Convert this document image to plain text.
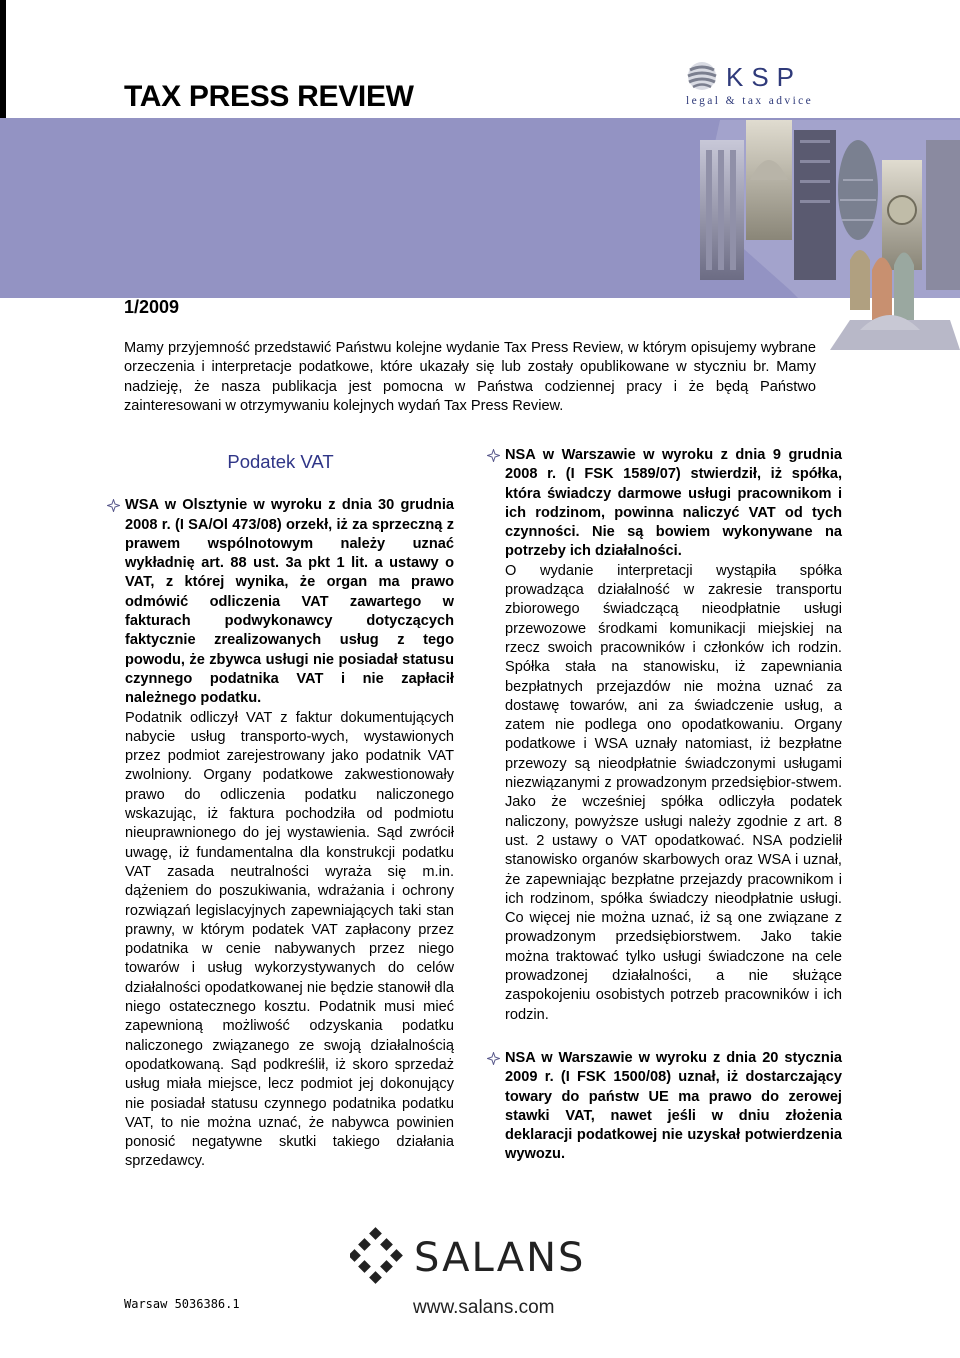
TAX PRESS REVIEW
KSP
legal & tax advice

1/2009

Mamy przyjemność przedstawić Państwu kolejne wydanie Tax Press Review, w którym opisujemy wybrane orzeczenia i interpretacje podatkowe, które ukazały się lub zostały opublikowane w styczniu br. Mamy nadzieję, że nasza publikacja jest pomocna w Państwa codziennej pracy i że będą Państwo zainteresowani w otrzymywaniu kolejnych wydań Tax Press Review.

Podatek VAT

WSA w Olsztynie w wyroku z dnia 30 grudnia 2008 r. (I SA/Ol 473/08) orzekł, iż za sprzeczną z prawem wspólnotowym należy uznać wykładnię art. 88 ust. 3a pkt 1 lit. a ustawy o VAT, z której wynika, że organ ma prawo odmówić odliczenia VAT zawartego w fakturach podwykonawcy dotyczących faktycznie zrealizowanych usług z tego powodu, że zbywca usługi nie posiadał statusu czynnego podatnika VAT i nie zapłacił należnego podatku.

Podatnik odliczył VAT z faktur dokumentujących nabycie usług transporto-wych, wystawionych przez podmiot zarejestrowany jako podatnik VAT zwolniony. Organy podatkowe zakwestionowały prawo do odliczenia podatku naliczonego wskazując, iż faktura pochodziła od podmiotu nieuprawnionego do jej wystawienia. Sąd zwrócił uwagę, iż fundamentalna dla konstrukcji podatku VAT zasada neutralności wyraża się m.in. dążeniem do poszukiwania, wdrażania i ochrony rozwiązań legislacyjnych zapewniających taki stan prawny, w którym podatek VAT zapłacony przez podatnika w cenie nabywanych przez niego towarów i usług wykorzystywanych do celów działalności opodatkowanej nie będzie stanowił dla niego ostatecznego kosztu. Podatnik musi mieć zapewnioną możliwość odzyskania podatku naliczonego związanego ze swoją działalnością opodatkowaną. Sąd podkreślił, iż skoro sprzedaż usług miała miejsce, lecz podmiot jej dokonujący nie posiadał statusu czynnego podatnika podatku VAT, to nie można uznać, że nabywca powinien ponosić negatywne skutki takiego działania sprzedawcy.

NSA w Warszawie w wyroku z dnia 9 grudnia 2008 r. (I FSK 1589/07) stwierdził, iż spółka, która świadczy darmowe usługi pracownikom i ich rodzinom, powinna naliczyć VAT od tych czynności. Nie są bowiem wykonywane na potrzeby ich działalności.

O wydanie interpretacji wystąpiła spółka prowadząca działalność w zakresie transportu zbiorowego świadczącą nieodpłatnie usługi przewozowe środkami komunikacji miejskiej na rzecz swoich pracowników i członków ich rodzin. Spółka stała na stanowisku, iż zapewniania bezpłatnych przejazdów nie można uznać za dostawę towarów, ani za świadczenie usług, a zatem nie podlega ono opodatkowaniu. Organy podatkowe i WSA uznały natomiast, iż bezpłatne przewozy są nieodpłatnie świadczonymi usługami niezwiązanymi z prowadzonym przedsiębior-stwem. Jako że wcześniej spółka odliczyła podatek naliczony, powyższe usługi należy zgodnie z art. 8 ust. 2 ustawy o VAT opodatkować. NSA podzielił stanowisko organów skarbowych oraz WSA i uznał, że zapewniając bezpłatne przejazdy pracownikom i ich rodzinom, spółka świadczy nieodpłatnie usługi. Co więcej nie można uznać, iż są one związane z prowadzonym przedsiębiorstwem. Jako takie można traktować tylko usługi świadczone na cele prowadzonej działalności, a nie służące zaspokojeniu osobistych potrzeb pracowników i ich rodzin.

NSA w Warszawie w wyroku z dnia 20 stycznia 2009 r. (I FSK 1500/08) uznał, iż dostarczający towary do państw UE ma prawo do zerowej stawki VAT, nawet jeśli w dniu złożenia deklaracji podatkowej nie uzyskał potwierdzenia wywozu.

SALANS

www.salans.com

Warsaw 5036386.1
